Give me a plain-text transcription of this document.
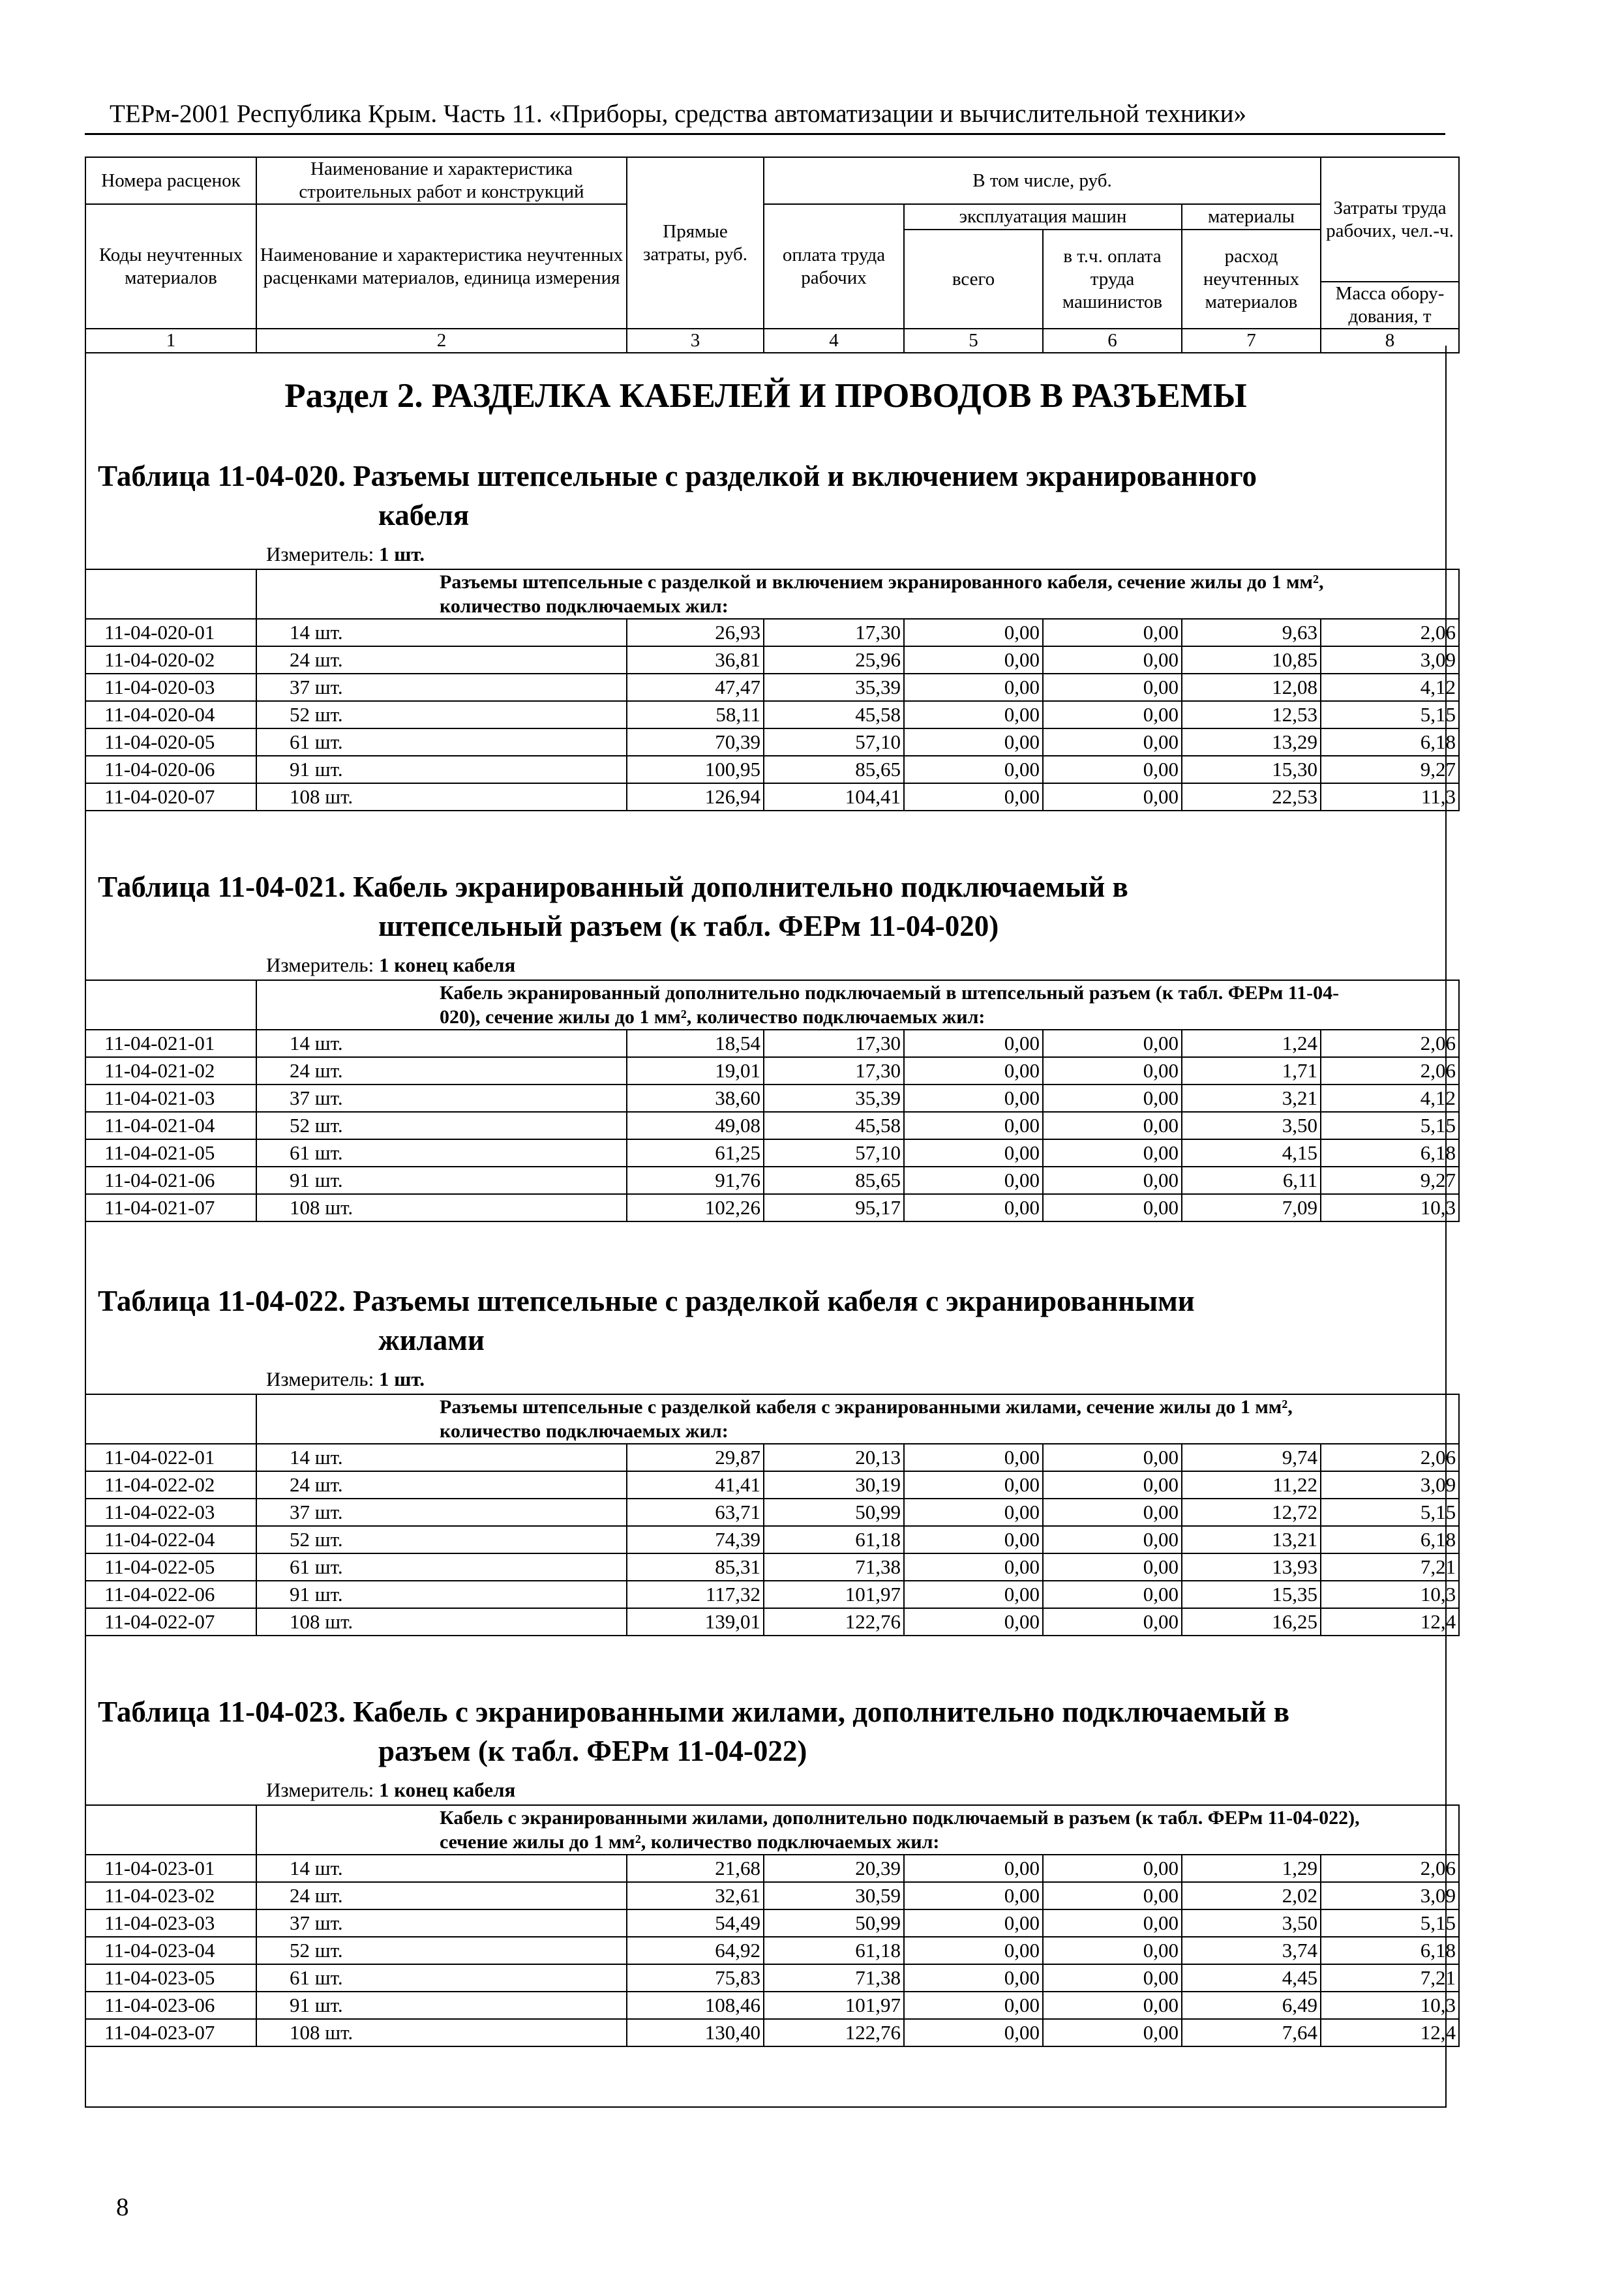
ТЕРм-2001 Республика Крым. Часть 11. «Приборы, средства автоматизации и вычислительной техники»
Номера расценок	Наименование и характеристика строительных работ и конструкций	Прямые затраты, руб.	В том числе, руб.				Затраты труда рабочих, чел.-ч.
Коды неучтенных материалов	Наименование и характеристика неучтенных расценками материалов, единица измерения		оплата труда рабочих	эксплуатация машин		материалы	
				всего	в т.ч. оплата труда машинистов	расход неучтенных материалов	
							Масса обору-дования, т
1	2	3	4	5	6	7	8
Раздел 2. РАЗДЕЛКА КАБЕЛЕЙ И ПРОВОДОВ В РАЗЪЕМЫ
Таблица 11-04-020. Разъемы штепсельные с разделкой и включением экранированного
кабеля
Измеритель: 1 шт.

	Разъемы штепсельные с разделкой и включением экранированного кабеля, сечение жилы до 1 мм²,
количество подключаемых жил:						

11-04-020-01	14 шт.	26,93	17,30	0,00	0,00	9,63	2,06
11-04-020-02	24 шт.	36,81	25,96	0,00	0,00	10,85	3,09
11-04-020-03	37 шт.	47,47	35,39	0,00	0,00	12,08	4,12
11-04-020-04	52 шт.	58,11	45,58	0,00	0,00	12,53	5,15
11-04-020-05	61 шт.	70,39	57,10	0,00	0,00	13,29	6,18
11-04-020-06	91 шт.	100,95	85,65	0,00	0,00	15,30	9,27
11-04-020-07	108 шт.	126,94	104,41	0,00	0,00	22,53	11,3
Таблица 11-04-021. Кабель экранированный дополнительно подключаемый в
штепсельный разъем (к табл. ФЕРм 11-04-020)
Измеритель: 1 конец кабеля

	Кабель экранированный дополнительно подключаемый в штепсельный разъем (к табл. ФЕРм 11-04-
020), сечение жилы до 1 мм², количество подключаемых жил:						

11-04-021-01	14 шт.	18,54	17,30	0,00	0,00	1,24	2,06
11-04-021-02	24 шт.	19,01	17,30	0,00	0,00	1,71	2,06
11-04-021-03	37 шт.	38,60	35,39	0,00	0,00	3,21	4,12
11-04-021-04	52 шт.	49,08	45,58	0,00	0,00	3,50	5,15
11-04-021-05	61 шт.	61,25	57,10	0,00	0,00	4,15	6,18
11-04-021-06	91 шт.	91,76	85,65	0,00	0,00	6,11	9,27
11-04-021-07	108 шт.	102,26	95,17	0,00	0,00	7,09	10,3
Таблица 11-04-022. Разъемы штепсельные с разделкой кабеля с экранированными
жилами
Измеритель: 1 шт.

	Разъемы штепсельные с разделкой кабеля с экранированными жилами, сечение жилы до 1 мм²,
количество подключаемых жил:						

11-04-022-01	14 шт.	29,87	20,13	0,00	0,00	9,74	2,06
11-04-022-02	24 шт.	41,41	30,19	0,00	0,00	11,22	3,09
11-04-022-03	37 шт.	63,71	50,99	0,00	0,00	12,72	5,15
11-04-022-04	52 шт.	74,39	61,18	0,00	0,00	13,21	6,18
11-04-022-05	61 шт.	85,31	71,38	0,00	0,00	13,93	7,21
11-04-022-06	91 шт.	117,32	101,97	0,00	0,00	15,35	10,3
11-04-022-07	108 шт.	139,01	122,76	0,00	0,00	16,25	12,4
Таблица 11-04-023. Кабель с экранированными жилами, дополнительно подключаемый в
разъем (к табл. ФЕРм 11-04-022)
Измеритель: 1 конец кабеля

	Кабель с экранированными жилами, дополнительно подключаемый в разъем (к табл. ФЕРм 11-04-022),
сечение жилы до 1 мм², количество подключаемых жил:						

11-04-023-01	14 шт.	21,68	20,39	0,00	0,00	1,29	2,06
11-04-023-02	24 шт.	32,61	30,59	0,00	0,00	2,02	3,09
11-04-023-03	37 шт.	54,49	50,99	0,00	0,00	3,50	5,15
11-04-023-04	52 шт.	64,92	61,18	0,00	0,00	3,74	6,18
11-04-023-05	61 шт.	75,83	71,38	0,00	0,00	4,45	7,21
11-04-023-06	91 шт.	108,46	101,97	0,00	0,00	6,49	10,3
11-04-023-07	108 шт.	130,40	122,76	0,00	0,00	7,64	12,4
8
